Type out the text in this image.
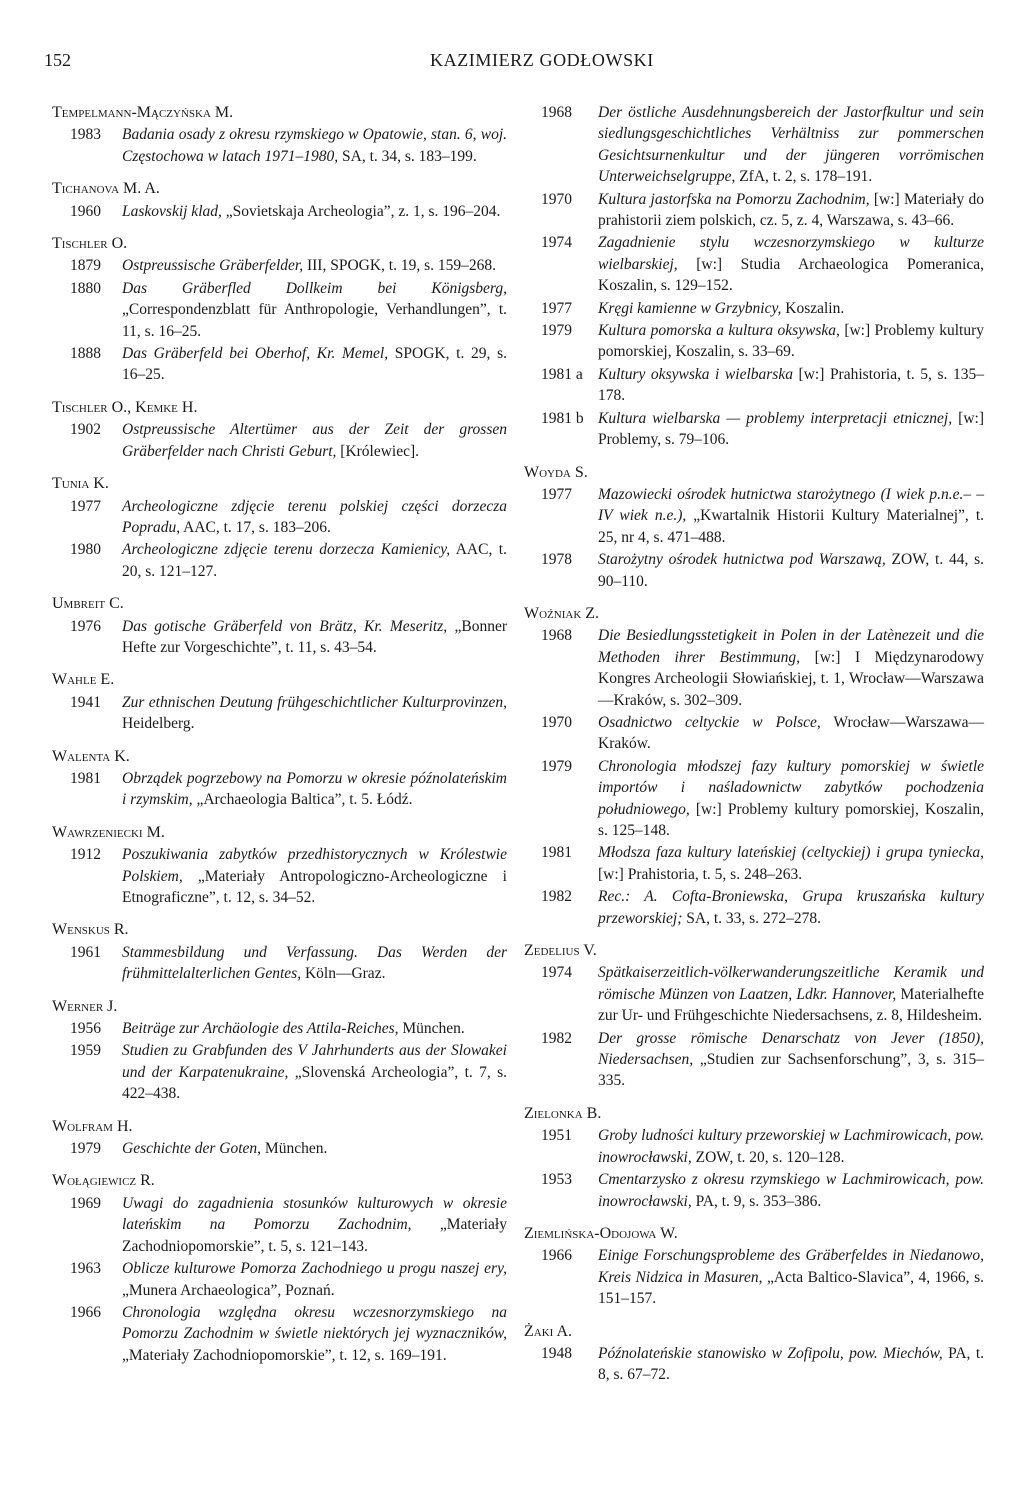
152	KAZIMIERZ GODŁOWSKI
Tempelmann-Mączyńska M.
1983	Badania osady z okresu rzymskiego w Opatowie, stan. 6, woj. Częstochowa w latach 1971–1980, SA, t. 34, s. 183–199.
Tichanova M. A.
1960	Laskovskij klad, „Sovietskaja Archeologia”, z. 1, s. 196–204.
Tischler O.
1879	Ostpreussische Gräberfelder, III, SPOGK, t. 19, s. 159–268.
1880	Das Gräberfled Dollkeim bei Königsberg, „Correspondenzblatt für Anthropologie, Verhandlungen”, t. 11, s. 16–25.
1888	Das Gräberfeld bei Oberhof, Kr. Memel, SPOGK, t. 29, s. 16–25.
Tischler O., Kemke H.
1902	Ostpreussische Altertümer aus der Zeit der grossen Gräberfelder nach Christi Geburt, [Królewiec].
Tunia K.
1977	Archeologiczne zdjęcie terenu polskiej części dorzecza Popradu, AAC, t. 17, s. 183–206.
1980	Archeologiczne zdjęcie terenu dorzecza Kamienicy, AAC, t. 20, s. 121–127.
Umbreit C.
1976	Das gotische Gräberfeld von Brätz, Kr. Meseritz, „Bonner Hefte zur Vorgeschichte”, t. 11, s. 43–54.
Wahle E.
1941	Zur ethnischen Deutung frühgeschichtlicher Kulturprovinzen, Heidelberg.
Walenta K.
1981	Obrządek pogrzebowy na Pomorzu w okresie późnolateńskim i rzymskim, „Archaeologia Baltica”, t. 5. Łódź.
Wawrzeniecki M.
1912	Poszukiwania zabytków przedhistorycznych w Królestwie Polskiem, „Materiały Antropologiczno-Archeologiczne i Etnograficzne”, t. 12, s. 34–52.
Wenskus R.
1961	Stammesbildung und Verfassung. Das Werden der frühmittelalterlichen Gentes, Köln—Graz.
Werner J.
1956	Beiträge zur Archäologie des Attila-Reiches, München.
1959	Studien zu Grabfunden des V Jahrhunderts aus der Slowakei und der Karpatenukraine, „Slovenská Archeologia”, t. 7, s. 422–438.
Wolfram H.
1979	Geschichte der Goten, München.
Wołągiewicz R.
1969	Uwagi do zagadnienia stosunków kulturowych w okresie lateńskim na Pomorzu Zachodnim, „Materiały Zachodniopomorskie”, t. 5, s. 121–143.
1963	Oblicze kulturowe Pomorza Zachodniego u progu naszej ery, „Munera Archaeologica”, Poznań.
1966	Chronologia względna okresu wczesnorzymskiego na Pomorzu Zachodnim w świetle niektórych jej wyznaczników, „Materiały Zachodniopomorskie”, t. 12, s. 169–191.
1968	Der östliche Ausdehnungsbereich der Jastorfkultur und sein siedlungsgeschichtliches Verhältniss zur pommerschen Gesichtsurnenkultur und der jüngeren vorrömischen Unterweichselgruppe, ZfA, t. 2, s. 178–191.
1970	Kultura jastorfska na Pomorzu Zachodnim, [w:] Materiały do prahistorii ziem polskich, cz. 5, z. 4, Warszawa, s. 43–66.
1974	Zagadnienie stylu wczesnorzymskiego w kulturze wielbarskiej, [w:] Studia Archaeologica Pomeranica, Koszalin, s. 129–152.
1977	Kręgi kamienne w Grzybnicy, Koszalin.
1979	Kultura pomorska a kultura oksywska, [w:] Problemy kultury pomorskiej, Koszalin, s. 33–69.
1981 a Kultury oksywska i wielbarska [w:] Prahistoria, t. 5, s. 135–178.
1981 b Kultura wielbarska — problemy interpretacji etnicznej, [w:] Problemy, s. 79–106.
Woyda S.
1977	Mazowiecki ośrodek hutnictwa starożytnego (I wiek p.n.e.– –IV wiek n.e.), „Kwartalnik Historii Kultury Materialnej”, t. 25, nr 4, s. 471–488.
1978	Starożytny ośrodek hutnictwa pod Warszawą, ZOW, t. 44, s. 90–110.
Woźniak Z.
1968	Die Besiedlungsstetigkeit in Polen in der Latènezeit und die Methoden ihrer Bestimmung, [w:] I Międzynarodowy Kongres Archeologii Słowiańskiej, t. 1, Wrocław—Warszawa—Kraków, s. 302–309.
1970	Osadnictwo celtyckie w Polsce, Wrocław—Warszawa—Kraków.
1979	Chronologia młodszej fazy kultury pomorskiej w świetle importów i naśladownictw zabytków pochodzenia południowego, [w:] Problemy kultury pomorskiej, Koszalin, s. 125–148.
1981	Młodsza faza kultury lateńskiej (celtyckiej) i grupa tyniecka, [w:] Prahistoria, t. 5, s. 248–263.
1982	Rec.: A. Cofta-Broniewska, Grupa kruszańska kultury przeworskiej; SA, t. 33, s. 272–278.
Zedelius V.
1974	Spätkaiserzeitlich-völkerwanderungszeitliche Keramik und römische Münzen von Laatzen, Ldkr. Hannover, Materialhefte zur Ur- und Frühgeschichte Niedersachsens, z. 8, Hildesheim.
1982	Der grosse römische Denarschatz von Jever (1850), Niedersachsen, „Studien zur Sachsenforschung”, 3, s. 315–335.
Zielonka B.
1951	Groby ludności kultury przeworskiej w Lachmirowicach, pow. inowrocławski, ZOW, t. 20, s. 120–128.
1953	Cmentarzysko z okresu rzymskiego w Lachmirowicach, pow. inowrocławski, PA, t. 9, s. 353–386.
Ziemlińska-Odojowa W.
1966	Einige Forschungsprobleme des Gräberfeldes in Niedanowo, Kreis Nidzica in Masuren, „Acta Baltico-Slavica”, 4, 1966, s. 151–157.
Żaki A.
1948	Późnolateńskie stanowisko w Zofipolu, pow. Miechów, PA, t. 8, s. 67–72.
